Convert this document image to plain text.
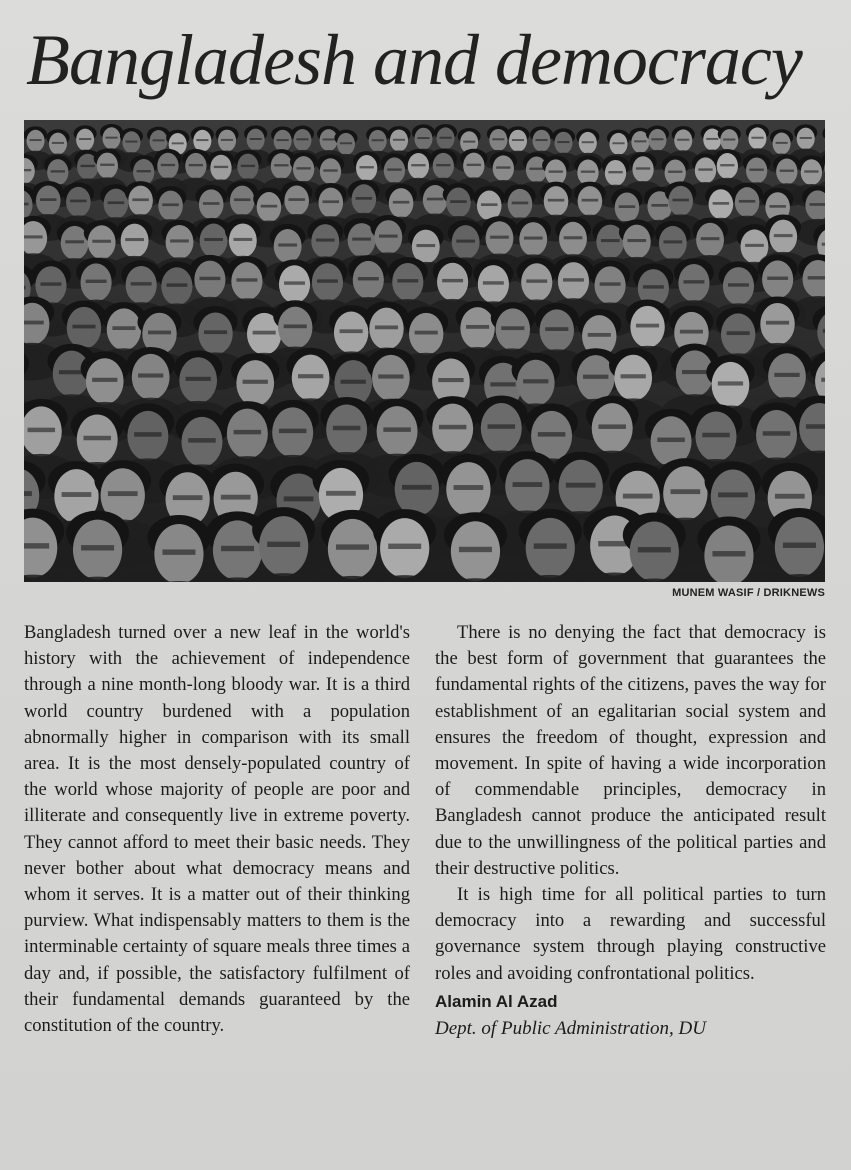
Bangladesh and democracy
MUNEM WASIF / DRIKNEWS

Bangladesh turned over a new leaf in the world's history with the achievement of independence through a nine month-long bloody war. It is a third world country burdened with a population abnormally higher in comparison with its small area. It is the most densely-populated country of the world whose majority of people are poor and illiterate and consequently live in extreme poverty. They cannot afford to meet their basic needs. They never bother about what democracy means and whom it serves. It is a matter out of their thinking purview. What indispensably matters to them is the interminable certainty of square meals three times a day and, if possible, the satisfactory fulfilment of their fundamental demands guaranteed by the constitution of the country.

There is no denying the fact that democracy is the best form of government that guarantees the fundamental rights of the citizens, paves the way for establishment of an egalitarian social system and ensures the freedom of thought, expression and movement. In spite of having a wide incorporation of commendable principles, democracy in Bangladesh cannot produce the anticipated result due to the unwillingness of the political parties and their destructive politics.

It is high time for all political parties to turn democracy into a rewarding and successful governance system through playing constructive roles and avoiding confrontational politics.

Alamin Al Azad
Dept. of Public Administration, DU
